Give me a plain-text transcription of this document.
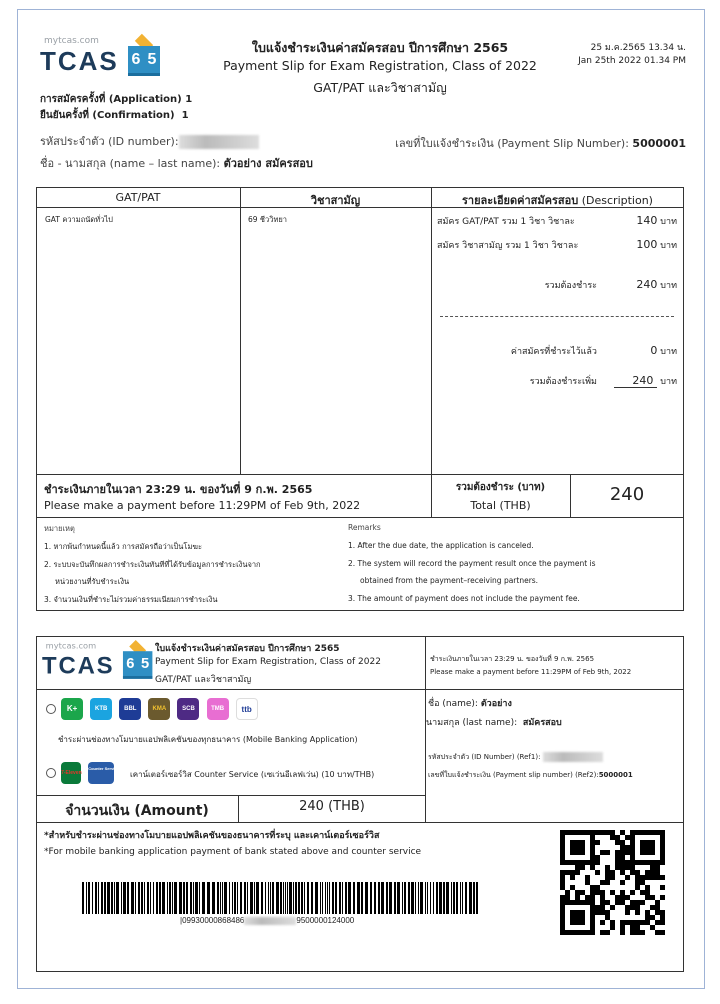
mytcas.com
TCAS 6 5
ใบแจ้งชำระเงินค่าสมัครสอบ ปีการศึกษา 2565
Payment Slip for Exam Registration, Class of 2022
GAT/PAT และวิชาสามัญ
25 ม.ค.2565 13.34 น.
Jan 25th 2022 01.34 PM
การสมัครครั้งที่ (Application) 1
ยืนยันครั้งที่ (Confirmation) 1
รหัสประจำตัว (ID number):	เลขที่ใบแจ้งชำระเงิน (Payment Slip Number): 5000001
ชื่อ - นามสกุล (name – last name): ตัวอย่าง สมัครสอบ
GAT/PAT	วิชาสามัญ	รายละเอียดค่าสมัครสอบ (Description)
GAT ความถนัดทั่วไป	69 ชีววิทยา	สมัคร GAT/PAT รวม 1 วิชา วิชาละ	140 บาท
สมัคร วิชาสามัญ รวม 1 วิชา วิชาละ	100 บาท
รวมต้องชำระ	240 บาท
ค่าสมัครที่ชำระไว้แล้ว	0 บาท
รวมต้องชำระเพิ่ม	240 บาท
ชำระเงินภายในเวลา 23:29 น. ของวันที่ 9 ก.พ. 2565
Please make a payment before 11:29PM of Feb 9th, 2022
รวมต้องชำระ (บาท)
Total (THB)
240
หมายเหตุ
1. หากพ้นกำหนดนี้แล้ว การสมัครถือว่าเป็นโมฆะ
2. ระบบจะบันทึกผลการชำระเงินทันทีที่ได้รับข้อมูลการชำระเงินจาก
หน่วยงานที่รับชำระเงิน
3. จำนวนเงินที่ชำระไม่รวมค่าธรรมเนียมการชำระเงิน
Remarks
1. After the due date, the application is canceled.
2. The system will record the payment result once the payment is
obtained from the payment–receiving partners.
3. The amount of payment does not include the payment fee.
mytcas.com
TCAS 6 5
ใบแจ้งชำระเงินค่าสมัครสอบ ปีการศึกษา 2565
Payment Slip for Exam Registration, Class of 2022
GAT/PAT และวิชาสามัญ
ชำระเงินภายในเวลา 23:29 น. ของวันที่ 9 ก.พ. 2565
Please make a payment before 11:29PM of Feb 9th, 2022
K+	KTB	BBL	KMA	SCB	TMB ttb
ชำระผ่านช่องทางโมบายแอปพลิเคชันของทุกธนาคาร (Mobile Banking Application)
7-Eleven Counter Service
เคาน์เตอร์เซอร์วิส Counter Service (เซเว่นอีเลฟเว่น) (10 บาท/THB)
จำนวนเงิน (Amount)	240 (THB)
ชื่อ (name): ตัวอย่าง
นามสกุล (last name): สมัครสอบ
รหัสประจำตัว (ID Number) (Ref1):
เลขที่ใบแจ้งชำระเงิน (Payment slip number) (Ref2):5000001
*สำหรับชำระผ่านช่องทางโมบายแอปพลิเคชันของธนาคารที่ระบุ และเคาน์เตอร์เซอร์วิส
*For mobile banking application payment of bank stated above and counter service
|09930000868486	9500000124000
